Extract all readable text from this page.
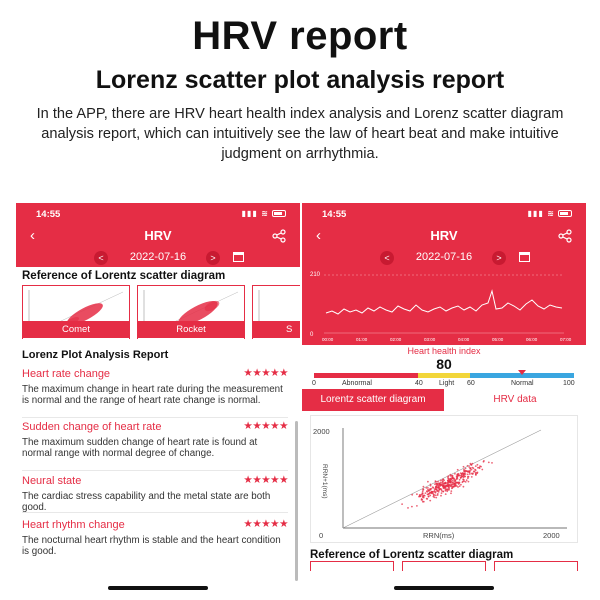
HRV report
Lorenz scatter plot analysis report
In the APP, there are HRV heart health index analysis and Lorenz scatter diagram analysis report, which can intuitively see the law of heart beat and make intuitive judgment on arrhythmia.
14:55	▮▮▮ ≋
‹	HRV
<	2022-07-16	>
Reference of Lorentz scatter diagram
Comet	Rocket	S
Lorenz Plot Analysis Report
Heart rate change	★★★★★
The maximum change in heart rate during the measurement is normal and the range of heart rate change is normal.
Sudden change of heart rate	★★★★★
The maximum sudden change of heart rate is found at normal range with normal degree of change.
Neural state	★★★★★
The cardiac stress capability and the metal state are both good.
Heart rhythm change	★★★★★
The nocturnal heart rhythm is stable and the heart condition is good.
14:55	▮▮▮ ≋
‹	HRV
<	2022-07-16	>
210
0
00:00	01:00	02:00	03:00	04:00	05:00	06:00	07:00
Heart health index
80
0	Abnormal	40 Light 60	Normal	100
Lorentz scatter diagram	HRV data
2000
0	2000
RRN(ms)
RRN+1(ms)
Reference of Lorentz scatter diagram
